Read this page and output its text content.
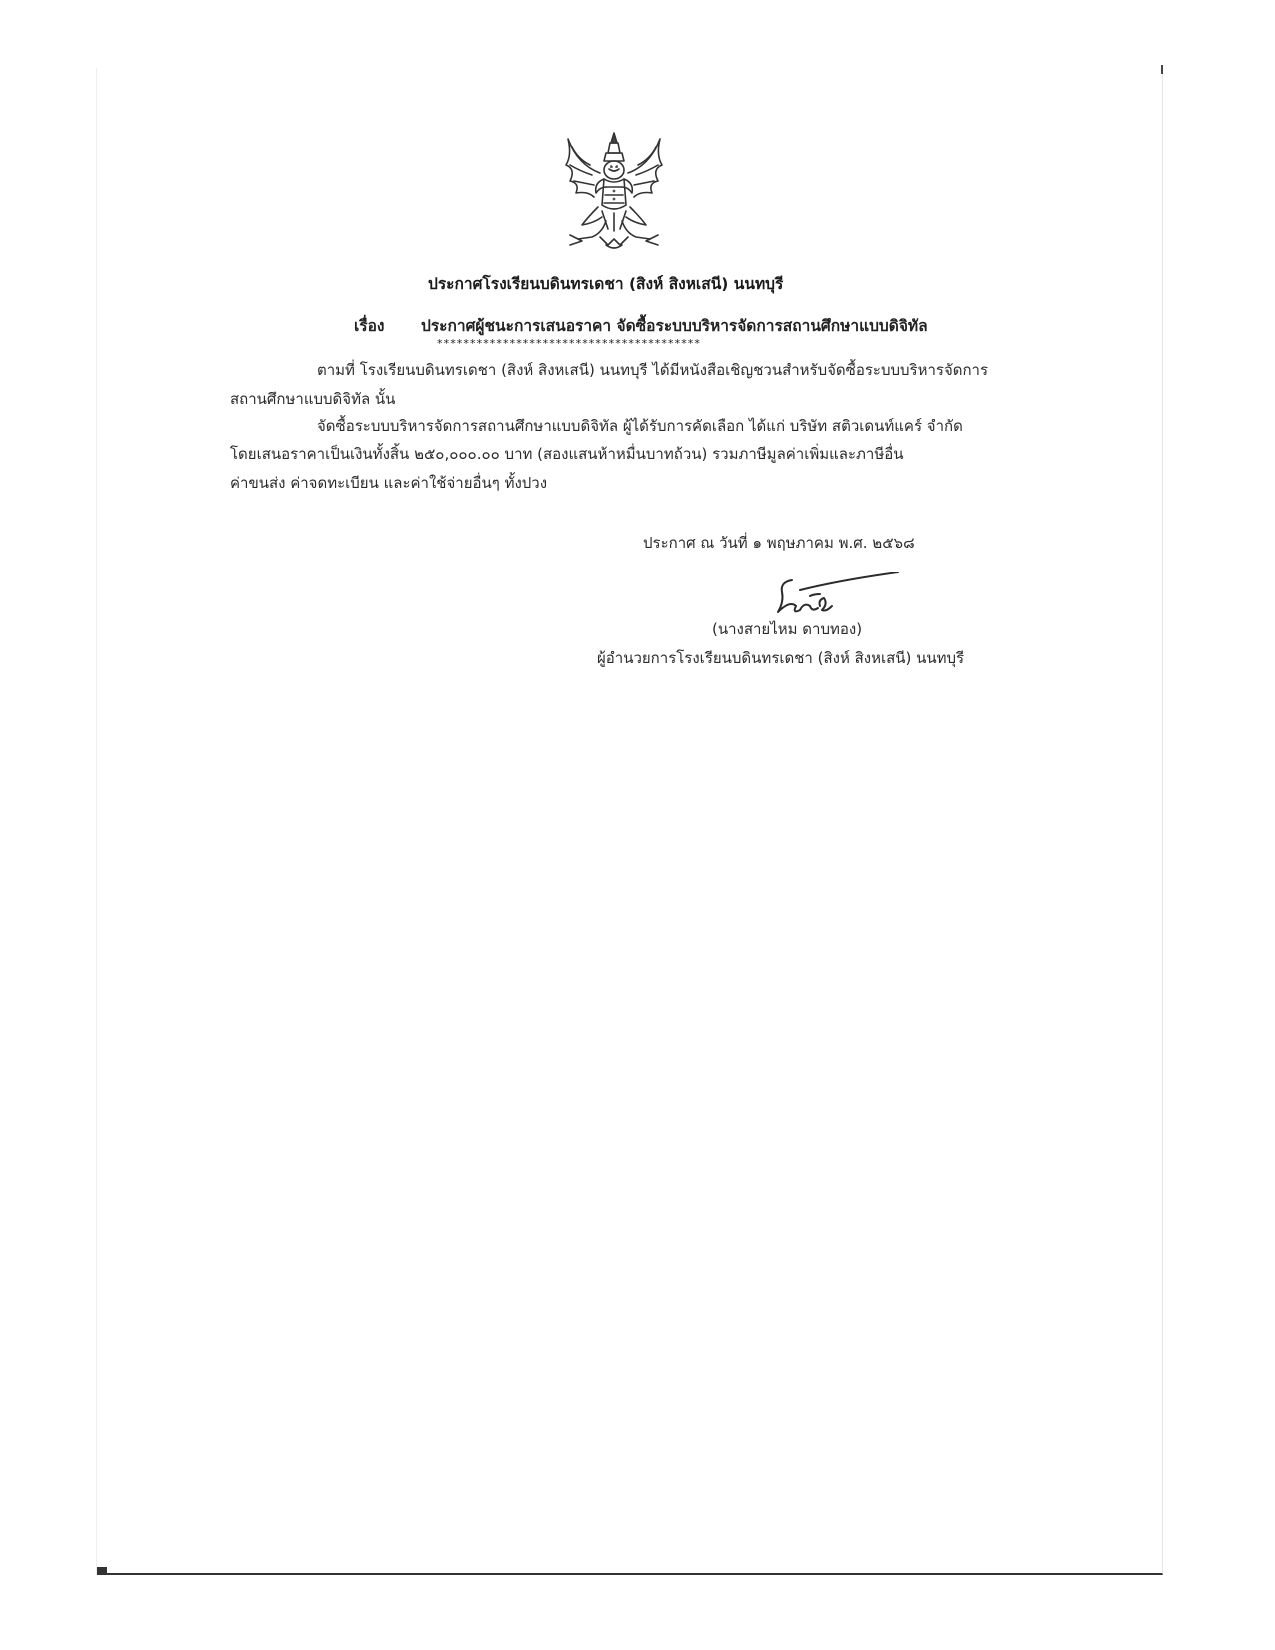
ประกาศโรงเรียนบดินทรเดชา (สิงห์ สิงหเสนี) นนทบุรี
เรื่อง ประกาศผู้ชนะการเสนอราคา จัดซื้อระบบบริหารจัดการสถานศึกษาแบบดิจิทัล
****************************************
ตามที่ โรงเรียนบดินทรเดชา (สิงห์ สิงหเสนี) นนทบุรี ได้มีหนังสือเชิญชวนสำหรับจัดซื้อระบบบริหารจัดการ
สถานศึกษาแบบดิจิทัล นั้น
จัดซื้อระบบบริหารจัดการสถานศึกษาแบบดิจิทัล ผู้ได้รับการคัดเลือก ได้แก่ บริษัท สติวเดนท์แคร์ จำกัด
โดยเสนอราคาเป็นเงินทั้งสิ้น ๒๕๐,๐๐๐.๐๐ บาท (สองแสนห้าหมื่นบาทถ้วน) รวมภาษีมูลค่าเพิ่มและภาษีอื่น
ค่าขนส่ง ค่าจดทะเบียน และค่าใช้จ่ายอื่นๆ ทั้งปวง
ประกาศ ณ วันที่ ๑ พฤษภาคม พ.ศ. ๒๕๖๘
(นางสายไหม ดาบทอง)
ผู้อำนวยการโรงเรียนบดินทรเดชา (สิงห์ สิงหเสนี) นนทบุรี
